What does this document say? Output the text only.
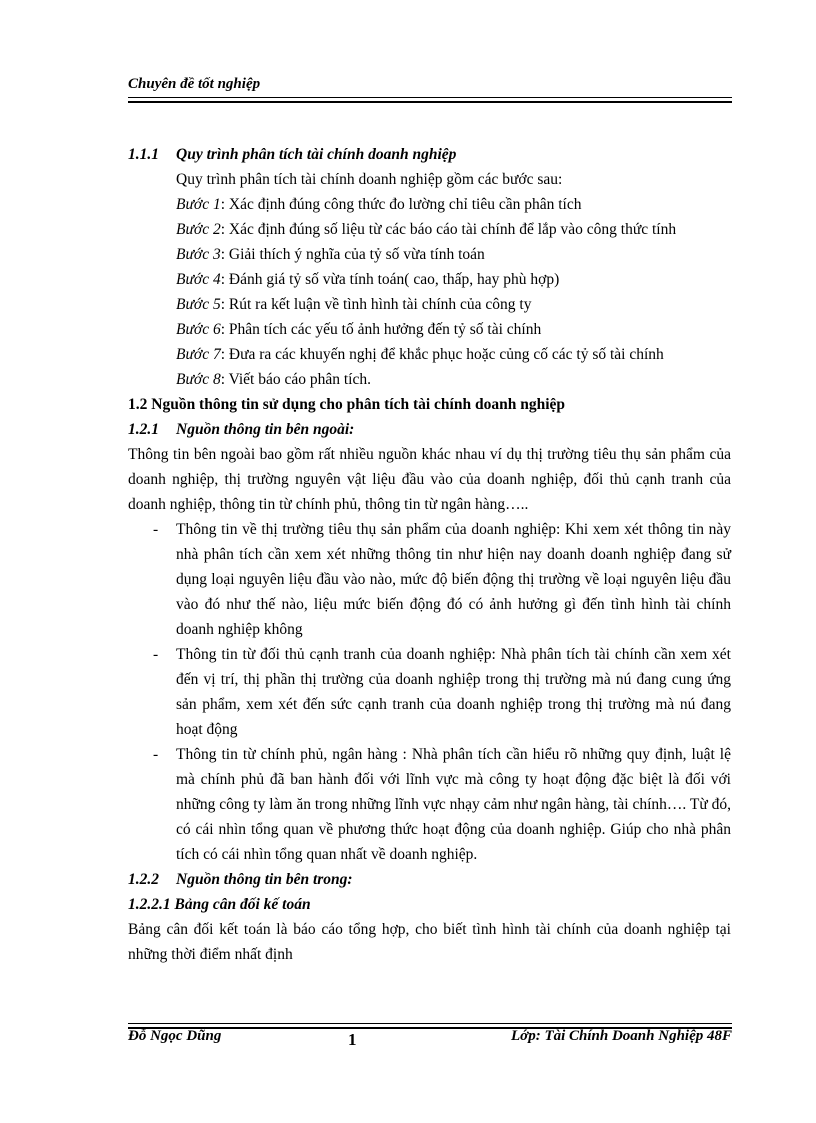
Chuyên đề tốt nghiệp

1.1.1 Quy trình phân tích tài chính doanh nghiệp

Quy trình phân tích tài chính doanh nghiệp gồm các bước sau:

Bước 1: Xác định đúng công thức đo lường chỉ tiêu cần phân tích

Bước 2: Xác định đúng số liệu từ các báo cáo tài chính để lắp vào công thức tính

Bước 3: Giải thích ý nghĩa của tỷ số vừa tính toán

Bước 4: Đánh giá tỷ số vừa tính toán( cao, thấp, hay phù hợp)

Bước 5: Rút ra kết luận về tình hình tài chính của công ty

Bước 6: Phân tích các yếu tố ảnh hưởng đến tỷ số tài chính

Bước 7: Đưa ra các khuyến nghị để khắc phục hoặc củng cố các tỷ số tài chính

Bước 8: Viết báo cáo phân tích.

1.2 Nguồn thông tin sử dụng cho phân tích tài chính doanh nghiệp

1.2.1 Nguồn thông tin bên ngoài:

Thông tin bên ngoài bao gồm rất nhiều nguồn khác nhau ví dụ thị trường tiêu thụ sản phẩm của doanh nghiệp, thị trường nguyên vật liệu đầu vào của doanh nghiệp, đối thủ cạnh tranh của doanh nghiệp, thông tin từ chính phủ, thông tin từ ngân hàng…..

- Thông tin về thị trường tiêu thụ sản phẩm của doanh nghiệp: Khi xem xét thông tin này nhà phân tích cần xem xét những thông tin như hiện nay doanh doanh nghiệp đang sử dụng loại nguyên liệu đầu vào nào, mức độ biến động thị trường về loại nguyên liệu đầu vào đó như thế nào, liệu mức biến động đó có ảnh hưởng gì đến tình hình tài chính doanh nghiệp không
- Thông tin từ đối thủ cạnh tranh của doanh nghiệp: Nhà phân tích tài chính cần xem xét đến vị trí, thị phần thị trường của doanh nghiệp trong thị trường mà nú đang cung ứng sản phẩm, xem xét đến sức cạnh tranh của doanh nghiệp trong thị trường mà nú đang hoạt động
- Thông tin từ chính phủ, ngân hàng : Nhà phân tích cần hiểu rõ những quy định, luật lệ mà chính phủ đã ban hành đối với lĩnh vực mà công ty hoạt động đặc biệt là đối với những công ty làm ăn trong những lĩnh vực nhạy cảm như ngân hàng, tài chính…. Từ đó, có cái nhìn tổng quan về phương thức hoạt động của doanh nghiệp. Giúp cho nhà phân tích có cái nhìn tổng quan nhất về doanh nghiệp.

1.2.2 Nguồn thông tin bên trong:

1.2.2.1 Bảng cân đối kế toán

Bảng cân đối kết toán là báo cáo tổng hợp, cho biết tình hình tài chính của doanh nghiệp tại những thời điểm nhất định

Đỗ Ngọc Dũng	1	Lớp: Tài Chính Doanh Nghiệp 48F
